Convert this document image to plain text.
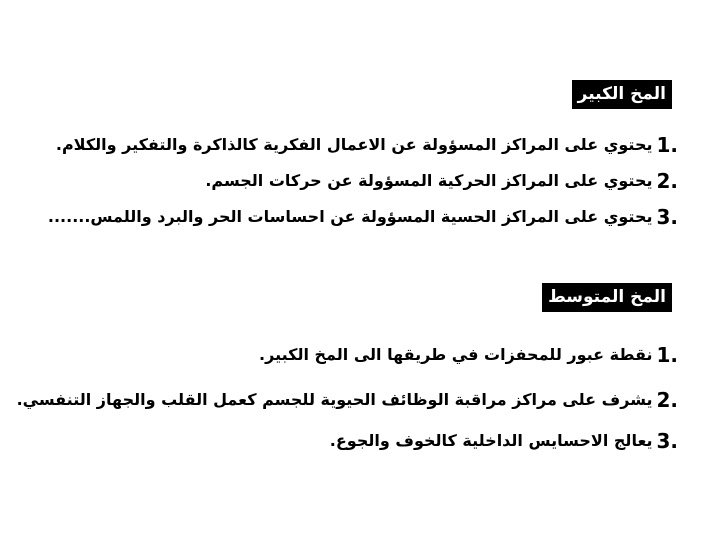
المخ الكبير
1.
يحتوي على المراكز المسؤولة عن الاعمال الفكرية كالذاكرة والتفكير والكلام.
2.
يحتوي على المراكز الحركية المسؤولة عن حركات الجسم.
3.
يحتوي على المراكز الحسية المسؤولة عن احساسات الحر والبرد واللمس.......
المخ المتوسط
1.
نقطة عبور للمحفزات في طريقها الى المخ الكبير.
2.
يشرف على مراكز مراقبة الوظائف الحيوية للجسم كعمل القلب والجهاز التنفسي.
3.
يعالج الاحسايس الداخلية كالخوف والجوع.
